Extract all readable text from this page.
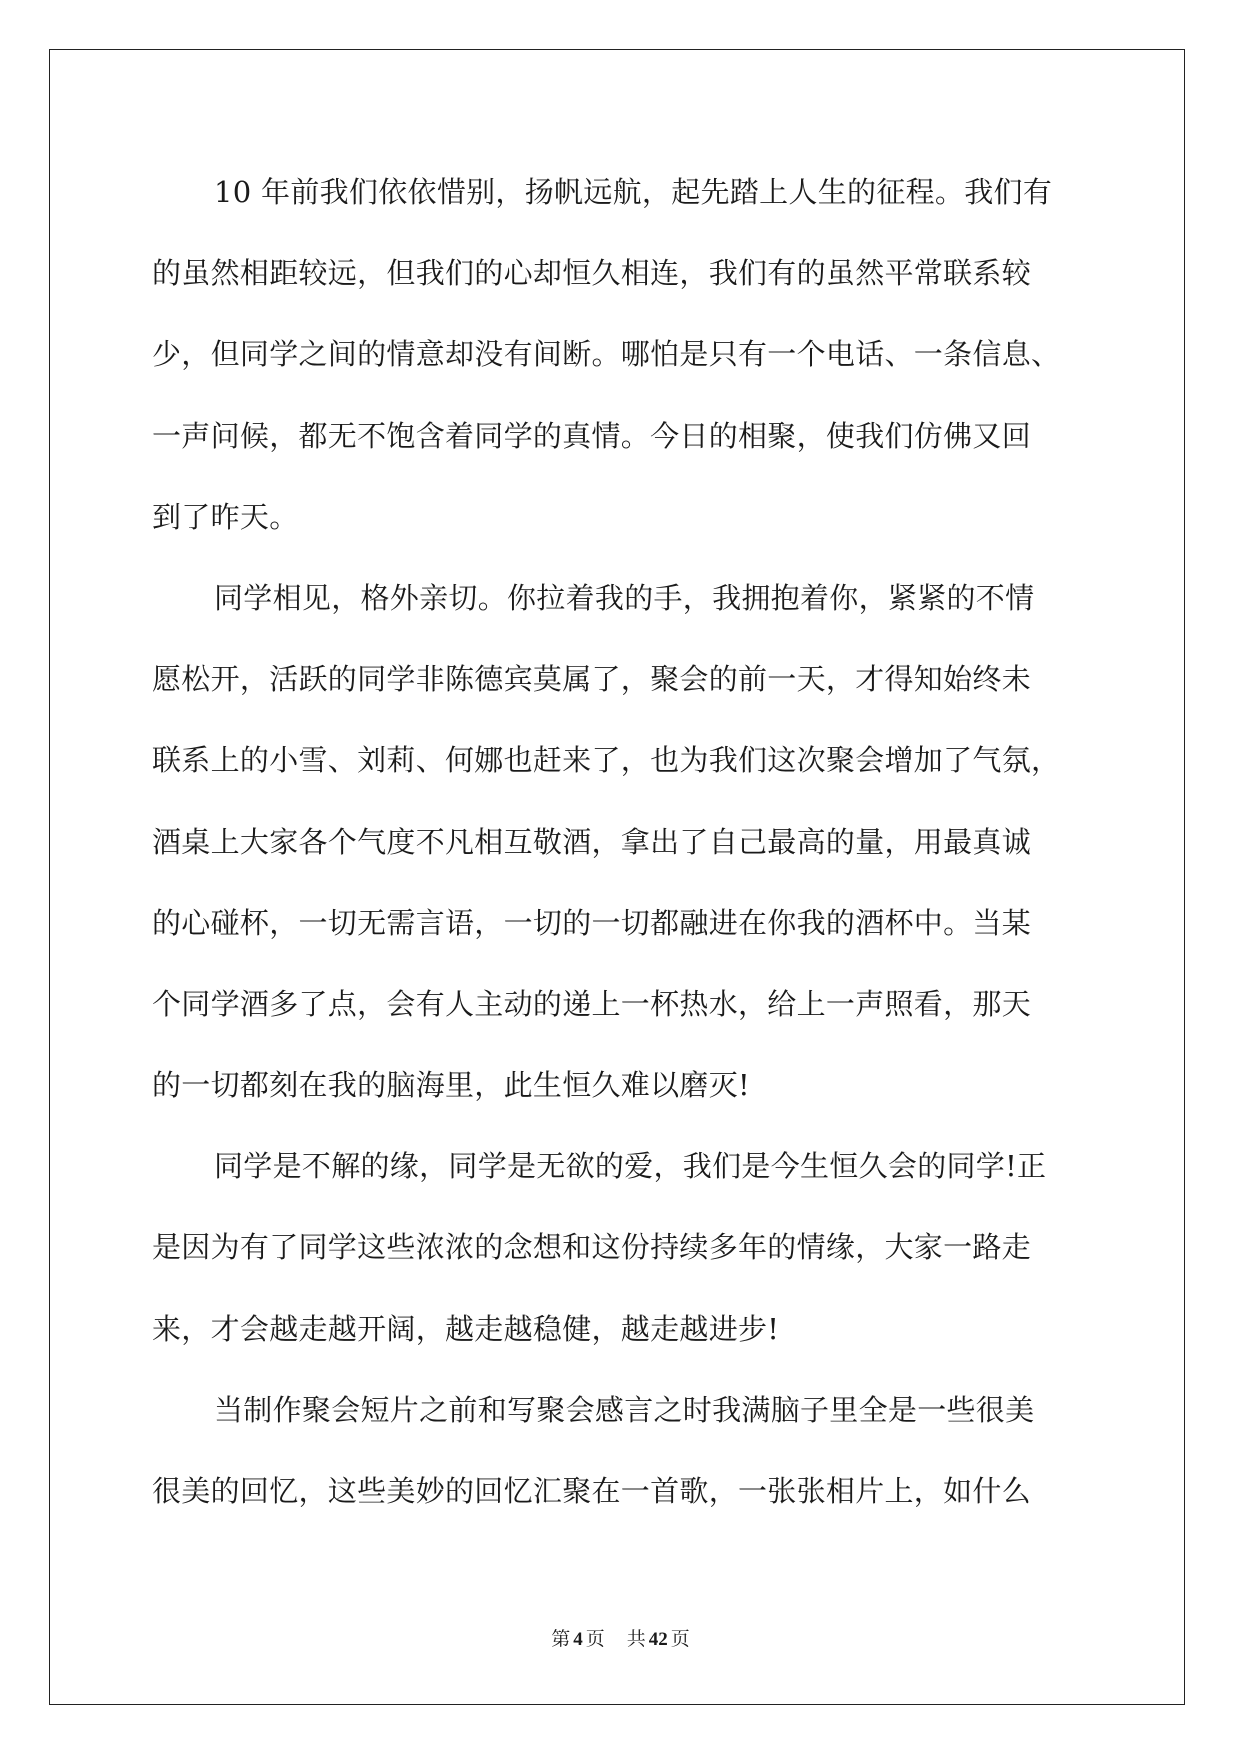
10 年前我们依依惜别，扬帆远航，起先踏上人生的征程。我们有
的虽然相距较远，但我们的心却恒久相连，我们有的虽然平常联系较
少，但同学之间的情意却没有间断。哪怕是只有一个电话、一条信息、
一声问候，都无不饱含着同学的真情。今日的相聚，使我们仿佛又回
到了昨天。
同学相见，格外亲切。你拉着我的手，我拥抱着你，紧紧的不情
愿松开，活跃的同学非陈德宾莫属了，聚会的前一天，才得知始终未
联系上的小雪、刘莉、何娜也赶来了，也为我们这次聚会增加了气氛，
酒桌上大家各个气度不凡相互敬酒，拿出了自己最高的量，用最真诚
的心碰杯，一切无需言语，一切的一切都融进在你我的酒杯中。当某
个同学酒多了点，会有人主动的递上一杯热水，给上一声照看，那天
的一切都刻在我的脑海里，此生恒久难以磨灭!
同学是不解的缘，同学是无欲的爱，我们是今生恒久会的同学!正
是因为有了同学这些浓浓的念想和这份持续多年的情缘，大家一路走
来，才会越走越开阔，越走越稳健，越走越进步!
当制作聚会短片之前和写聚会感言之时我满脑子里全是一些很美
很美的回忆，这些美妙的回忆汇聚在一首歌，一张张相片上，如什么
第 4 页 共 42 页
